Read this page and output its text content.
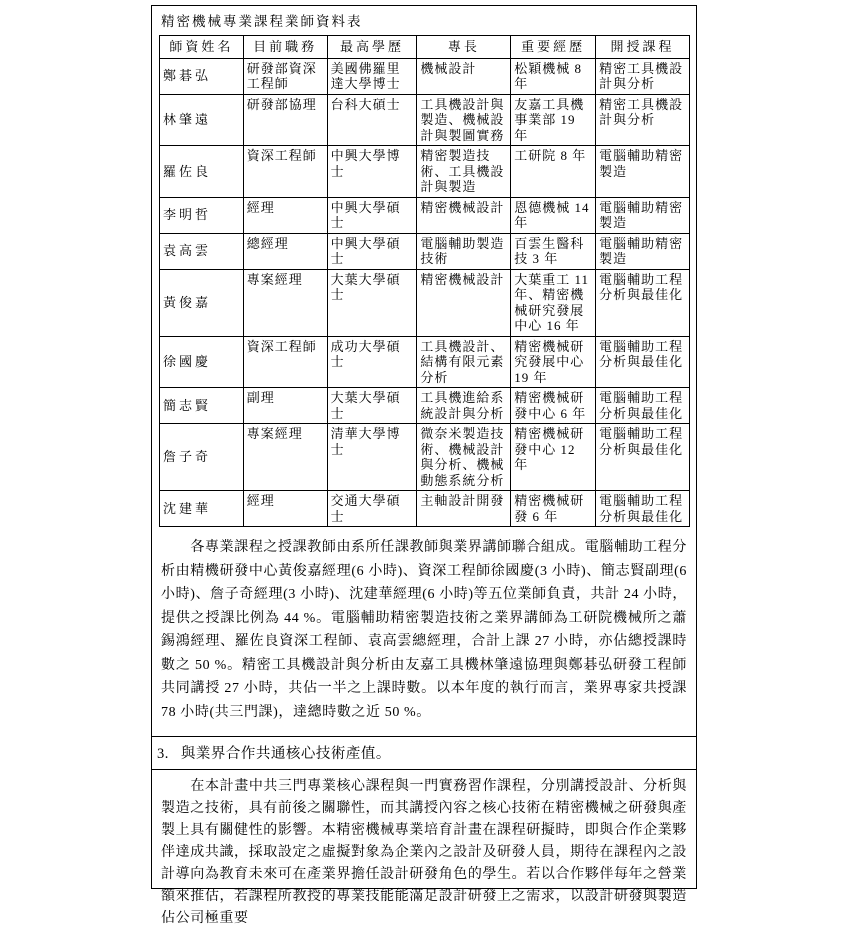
精密機械專業課程業師資料表
師資姓名	目前職務	最高學歷	專長	重要經歷	開授課程
鄭碁弘	研發部資深工程師	美國佛羅里達大學博士	機械設計	松穎機械 8 年	精密工具機設計與分析
林肇遠	研發部協理	台科大碩士	工具機設計與製造、機械設計與製圖實務	友嘉工具機事業部 19 年	精密工具機設計與分析
羅佐良	資深工程師	中興大學博士	精密製造技術、工具機設計與製造	工研院 8 年	電腦輔助精密製造
李明哲	經理	中興大學碩士	精密機械設計	恩德機械 14 年	電腦輔助精密製造
袁高雲	總經理	中興大學碩士	電腦輔助製造技術	百雲生醫科技 3 年	電腦輔助精密製造
黃俊嘉	專案經理	大葉大學碩士	精密機械設計	大葉重工 11 年、精密機械研究發展中心 16 年	電腦輔助工程分析與最佳化
徐國慶	資深工程師	成功大學碩士	工具機設計、結構有限元素分析	精密機械研究發展中心 19 年	電腦輔助工程分析與最佳化
簡志賢	副理	大葉大學碩士	工具機進給系統設計與分析	精密機械研發中心 6 年	電腦輔助工程分析與最佳化
詹子奇	專案經理	清華大學博士	微奈米製造技術、機械設計與分析、機械動態系統分析	精密機械研發中心 12 年	電腦輔助工程分析與最佳化
沈建華	經理	交通大學碩士	主軸設計開發	精密機械研發 6 年	電腦輔助工程分析與最佳化
各專業課程之授課教師由系所任課教師與業界講師聯合組成。電腦輔助工程分析由精機研發中心黃俊嘉經理(6 小時)、資深工程師徐國慶(3 小時)、簡志賢副理(6 小時)、詹子奇經理(3 小時)、沈建華經理(6 小時)等五位業師負責，共計 24 小時，提供之授課比例為 44 %。電腦輔助精密製造技術之業界講師為工研院機械所之蕭錫鴻經理、羅佐良資深工程師、袁高雲總經理，合計上課 27 小時，亦佔總授課時數之 50 %。精密工具機設計與分析由友嘉工具機林肇遠協理與鄭碁弘研發工程師共同講授 27 小時，共佔一半之上課時數。以本年度的執行而言，業界專家共授課 78 小時(共三門課)，達總時數之近 50 %。
3. 與業界合作共通核心技術產值。
在本計畫中共三門專業核心課程與一門實務習作課程，分別講授設計、分析與製造之技術，具有前後之關聯性，而其講授內容之核心技術在精密機械之研發與產製上具有關健性的影響。本精密機械專業培育計畫在課程研擬時，即與合作企業夥伴達成共識，採取設定之虛擬對象為企業內之設計及研發人員，期待在課程內之設計導向為教育未來可在產業界擔任設計研發角色的學生。若以合作夥伴每年之營業額來推估，若課程所教授的專業技能能滿足設計研發上之需求，以設計研發與製造佔公司極重要
